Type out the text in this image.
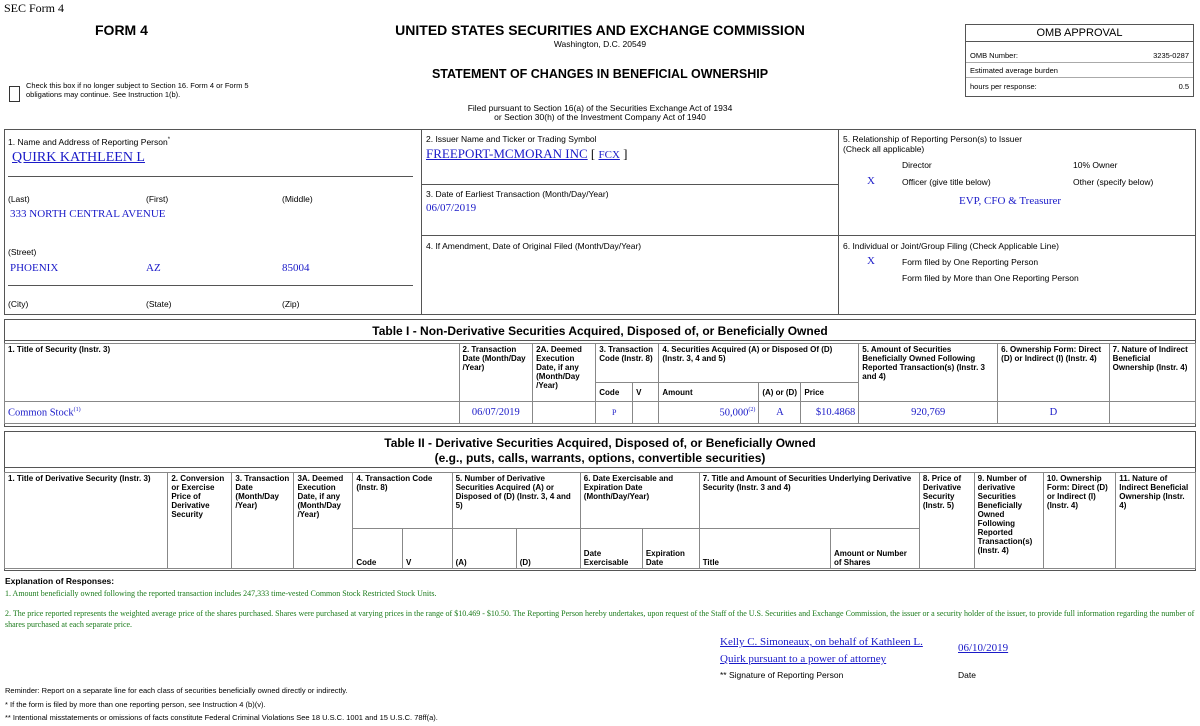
SEC Form 4
FORM 4	UNITED STATES SECURITIES AND EXCHANGE COMMISSION
Washington, D.C. 20549
STATEMENT OF CHANGES IN BENEFICIAL OWNERSHIP
Filed pursuant to Section 16(a) of the Securities Exchange Act of 1934
or Section 30(h) of the Investment Company Act of 1940
Check this box if no longer subject to Section 16. Form 4 or Form 5 obligations may continue. See Instruction 1(b).
OMB APPROVAL
OMB Number:	3235-0287
Estimated average burden
hours per response:	0.5
1. Name and Address of Reporting Person*
QUIRK KATHLEEN L
(Last)	(First)	(Middle)
333 NORTH CENTRAL AVENUE
(Street)
PHOENIX	AZ	85004
(City)	(State)	(Zip)
2. Issuer Name and Ticker or Trading Symbol
FREEPORT-MCMORAN INC [ FCX ]
3. Date of Earliest Transaction (Month/Day/Year)
06/07/2019
4. If Amendment, Date of Original Filed (Month/Day/Year)
5. Relationship of Reporting Person(s) to Issuer
(Check all applicable)
Director	10% Owner
X	Officer (give title below)	Other (specify below)
EVP, CFO & Treasurer
6. Individual or Joint/Group Filing (Check Applicable Line)
X	Form filed by One Reporting Person
Form filed by More than One Reporting Person
Table I - Non-Derivative Securities Acquired, Disposed of, or Beneficially Owned
1. Title of Security (Instr. 3)	2. Transaction Date (Month/Day /Year)	2A. Deemed Execution Date, if any (Month/Day /Year)	3. Transaction Code (Instr. 8)		4. Securities Acquired (A) or Disposed Of (D) (Instr. 3, 4 and 5)			5. Amount of Securities Beneficially Owned Following Reported Transaction(s) (Instr. 3 and 4)	6. Ownership Form: Direct (D) or Indirect (I) (Instr. 4)	7. Nature of Indirect Beneficial Ownership (Instr. 4)
			Code	V	Amount	(A) or (D)	Price			
Common Stock$^{(1)}$	06/07/2019		P		50,000$^{(2)}$	A	$10.4868	920,769	D	
Table II - Derivative Securities Acquired, Disposed of, or Beneficially Owned
(e.g., puts, calls, warrants, options, convertible securities)
1. Title of Derivative Security (Instr. 3)	2. Conversion or Exercise Price of Derivative Security	3. Transaction Date (Month/Day /Year)	3A. Deemed Execution Date, if any (Month/Day /Year)	4. Transaction Code (Instr. 8)		5. Number of Derivative Securities Acquired (A) or Disposed of (D) (Instr. 3, 4 and 5)		6. Date Exercisable and Expiration Date (Month/Day/Year)		7. Title and Amount of Securities Underlying Derivative Security (Instr. 3 and 4)		8. Price of Derivative Security (Instr. 5)	9. Number of derivative Securities Beneficially Owned Following Reported Transaction(s) (Instr. 4)	10. Ownership Form: Direct (D) or Indirect (I) (Instr. 4)	11. Nature of Indirect Beneficial Ownership (Instr. 4)
				Code	V	(A)	(D)	Date Exercisable	Expiration Date	Title	Amount or Number of Shares				
Explanation of Responses:
1. Amount beneficially owned following the reported transaction includes 247,333 time-vested Common Stock Restricted Stock Units.
2. The price reported represents the weighted average price of the shares purchased. Shares were purchased at varying prices in the range of $10.469 - $10.50. The Reporting Person hereby undertakes, upon request of the Staff of the U.S. Securities and Exchange Commission, the issuer or a security holder of the issuer, to provide full information regarding the number of shares purchased at each separate price.
Kelly C. Simoneaux, on behalf of Kathleen L.
Quirk pursuant to a power of attorney
06/10/2019
** Signature of Reporting Person	Date
Reminder: Report on a separate line for each class of securities beneficially owned directly or indirectly.
* If the form is filed by more than one reporting person, see Instruction 4 (b)(v).
** Intentional misstatements or omissions of facts constitute Federal Criminal Violations See 18 U.S.C. 1001 and 15 U.S.C. 78ff(a).
